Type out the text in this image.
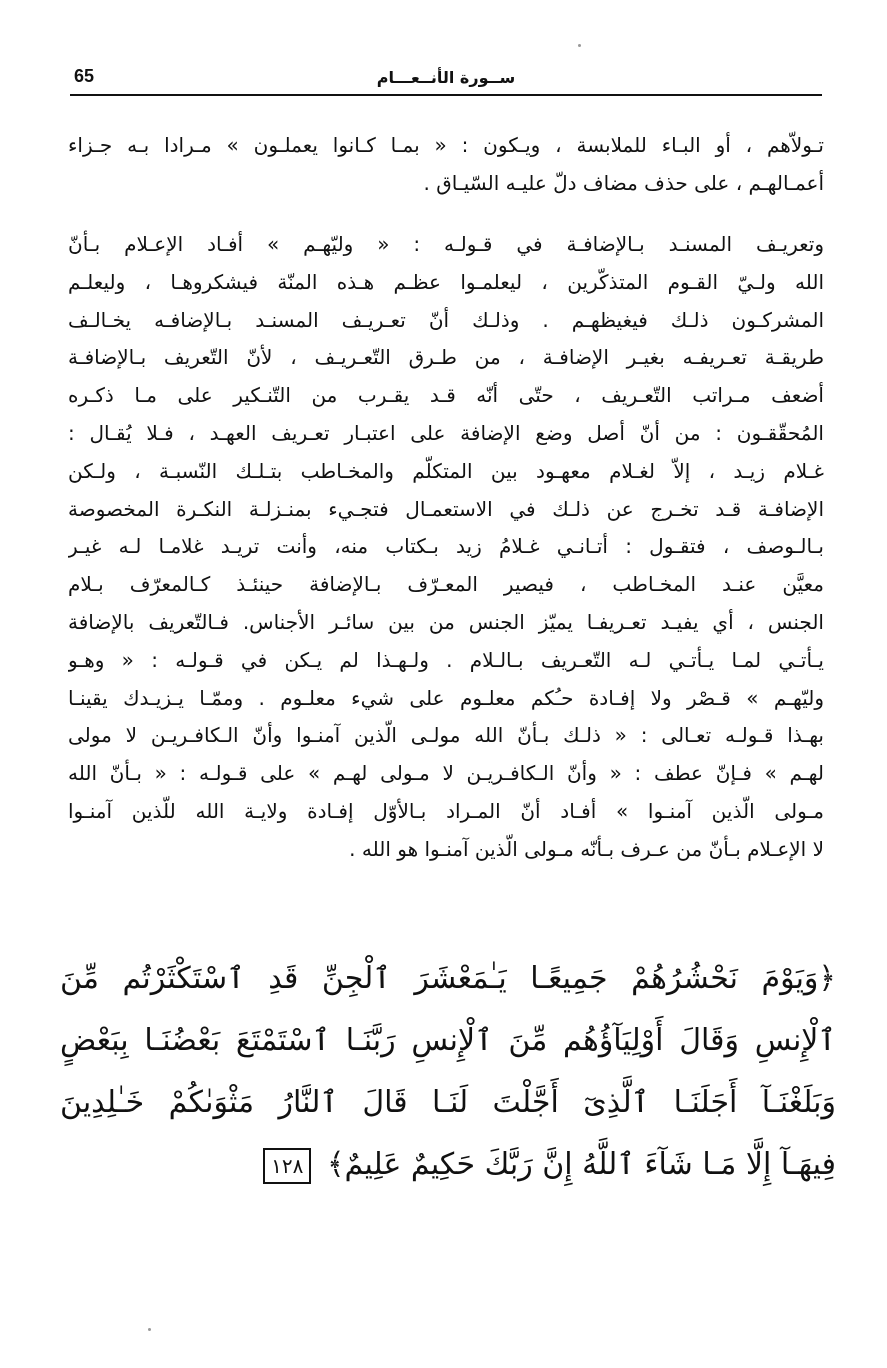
65	ســورة الأنــعـــام
تـولاّهم ، أو البـاء للملابسة ، ويـكون : « بمـا كـانوا يعملـون » مـرادا بـه جـزاء
أعمـالهـم ، على حذف مضاف دلّ عليـه السّيـاق .
وتعريـف المسنـد بـالإضافـة في قـولـه : « وليّهـم » أفـاد الإعـلام بـأنّ
الله ولـيّ القـوم المتذكّرين ، ليعلمـوا عظـم هـذه المنّة فيشكروهـا ، وليعلـم
المشركـون ذلـك فيغيظهـم . وذلـك أنّ تعـريـف المسنـد بـالإضافـه يخـالـف
طريقـة تعـريفـه بغيـر الإضافـة ، من طـرق التّعـريـف ، لأنّ التّعريف بـالإضافـة
أضعف مـراتب التّعـريف ، حتّى أنّه قـد يقـرب من التّنـكير على مـا ذكـره
المُحقّقـون : من أنّ أصل وضع الإضافة على اعتبـار تعـريف العهـد ، فـلا يُقـال :
غـلام زيـد ، إلاّ لغـلام معهـود بين المتكلّم والمخـاطب بتـلـك النّسبـة ، ولـكن
الإضافـة قـد تخـرج عن ذلـك في الاستعمـال فتجـيء بمنـزلـة النكـرة المخصوصة
بـالـوصف ، فتقـول : أتـانـي غـلامُ زيد بـكتاب منه، وأنت تريـد غلامـا لـه غيـر
معيَّن عنـد المخـاطب ، فيصير المعـرّف بـالإضافة حينئـذ كـالمعرّف بـلام
الجنس ، أي يفيـد تعـريفـا يميّز الجنس من بين سائـر الأجناس. فـالتّعريف بالإضافة
يـأتـي لمـا يـأتـي لـه التّعـريف بـالـلام . ولـهـذا لم يـكن في قـولـه : « وهـو
وليّهـم » قـصْر ولا إفـادة حـُكم معلـوم على شيء معلـوم . وممّـا يـزيـدك يقينـا
بهـذا قـولـه تعـالى : « ذلـك بـأنّ الله مولـى الّذين آمنـوا وأنّ الـكافـريـن لا مولى
لهـم » فـإنّ عطف : « وأنّ الـكافـريـن لا مـولى لهـم » على قـولـه : « بـأنّ الله
مـولى الّذين آمنـوا » أفـاد أنّ المـراد بـالأوّل إفـادة ولايـة الله للّذين آمنـوا
لا الإعـلام بـأنّ من عـرف بـأنّه مـولى الّذين آمنـوا هو الله .
﴿وَيَوْمَ نَحْشُرُهُمْ جَمِيعًـا يَـٰمَعْشَرَ ٱلْجِنِّ قَدِ ٱسْتَكْثَرْتُم مِّنَ
ٱلْإِنسِ وَقَالَ أَوْلِيَآؤُهُم مِّنَ ٱلْإِنسِ رَبَّنَـا ٱسْتَمْتَعَ بَعْضُنَـا بِبَعْضٍ
وَبَلَغْنَـآ أَجَلَنَـا ٱلَّذِىٓ أَجَّلْتَ لَنَـا قَالَ ٱلنَّارُ مَثْوَىٰكُمْ خَـٰلِدِينَ
فِيهَـآ إِلَّا مَـا شَآءَ ٱللَّهُ إِنَّ رَبَّكَ حَكِيمٌ عَلِيمٌ﴾ ١٢٨
